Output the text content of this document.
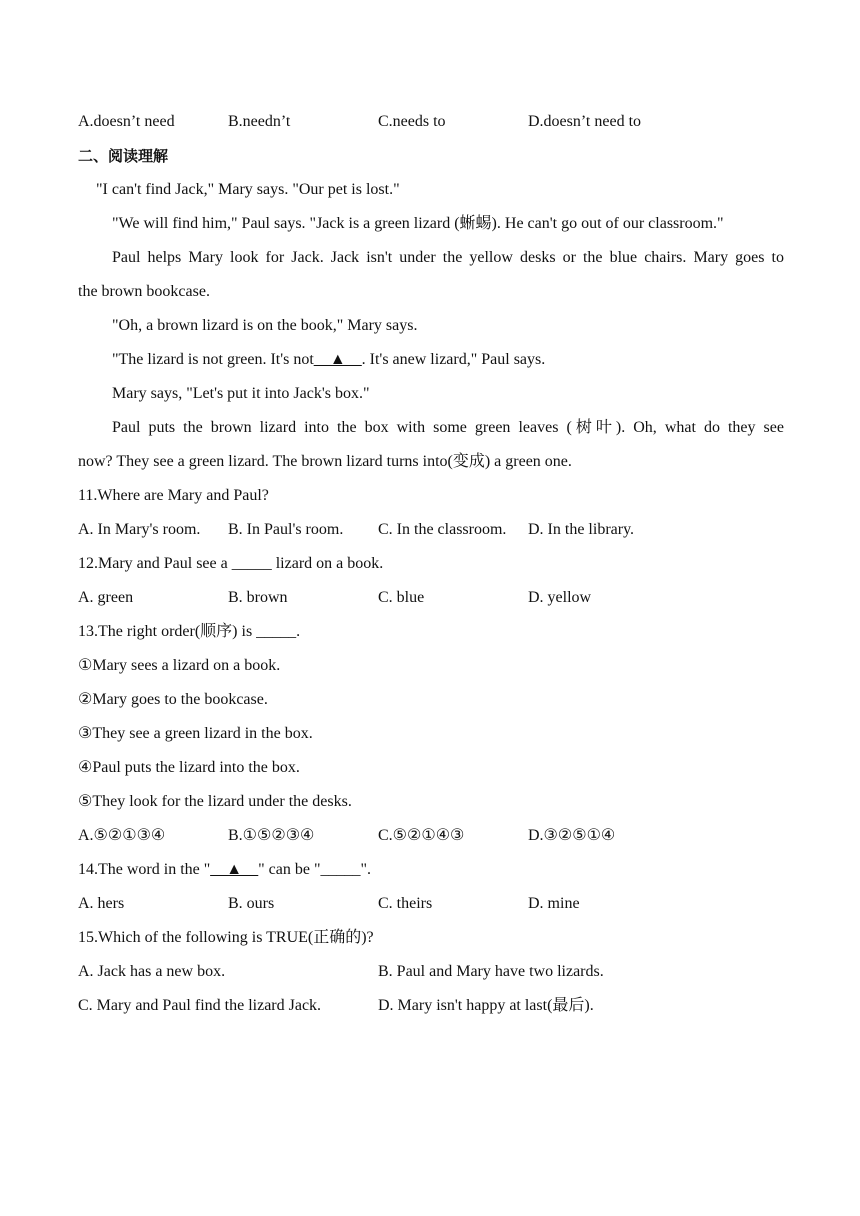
A.doesn’t need	B.needn’t	C.needs to	D.doesn’t need to
二、阅读理解
"I can't find Jack," Mary says. "Our pet is lost."
"We will find him," Paul says. "Jack is a green lizard (蜥蜴). He can't go out of our classroom."
Paul helps Mary look for Jack. Jack isn't under the yellow desks or the blue chairs. Mary goes to
the brown bookcase.
"Oh, a brown lizard is on the book," Mary says.
"The lizard is not green. It's not__▲__. It's anew lizard," Paul says.
Mary says, "Let's put it into Jack's box."
Paul puts the brown lizard into the box with some green leaves (树叶). Oh, what do they see
now? They see a green lizard. The brown lizard turns into(变成) a green one.
11.Where are Mary and Paul?
A. In Mary's room.	B. In Paul's room.	C. In the classroom.	D. In the library.
12.Mary and Paul see a _____ lizard on a book.
A. green	B. brown	C. blue	D. yellow
13.The right order(顺序) is _____.
①Mary sees a lizard on a book.
②Mary goes to the bookcase.
③They see a green lizard in the box.
④Paul puts the lizard into the box.
⑤They look for the lizard under the desks.
A.⑤②①③④	B.①⑤②③④	C.⑤②①④③	D.③②⑤①④
14.The word in the "__▲__" can be "_____".
A. hers	B. ours	C. theirs	D. mine
15.Which of the following is TRUE(正确的)?
A. Jack has a new box.	B. Paul and Mary have two lizards.
C. Mary and Paul find the lizard Jack.	D. Mary isn't happy at last(最后).
